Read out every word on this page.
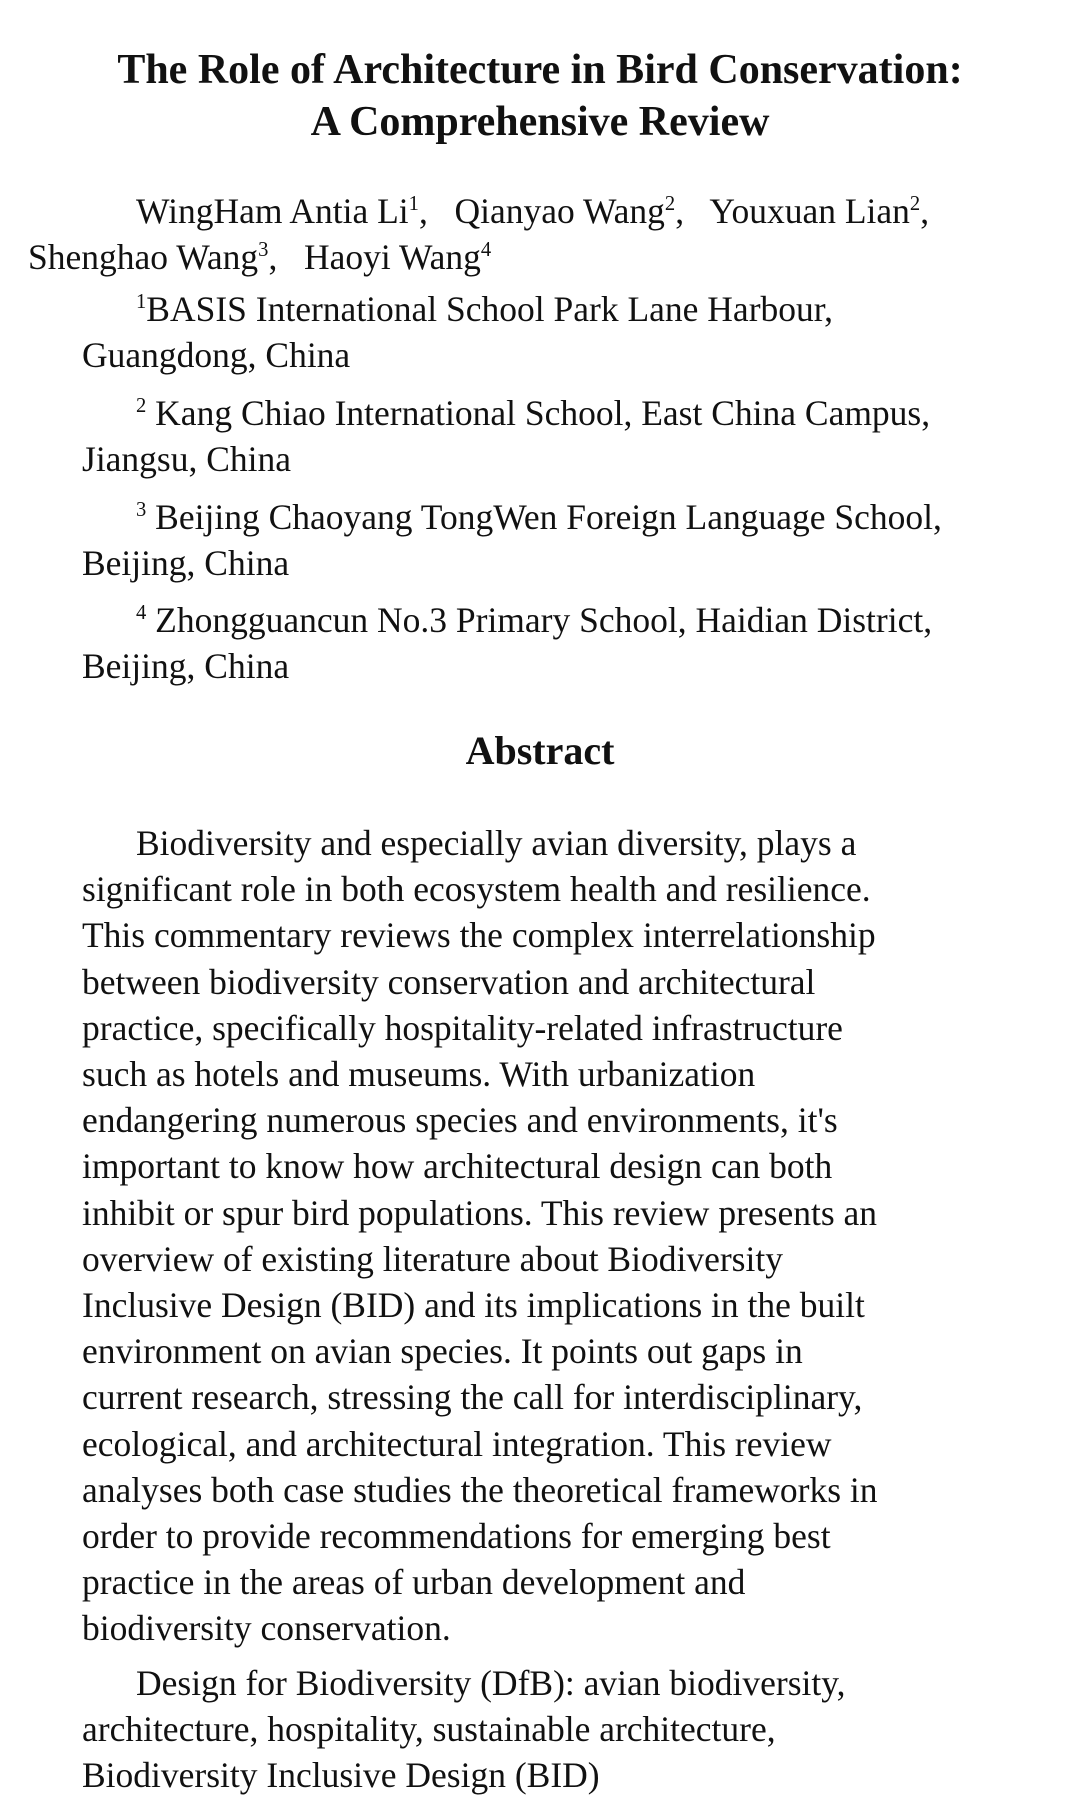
The Role of Architecture in Bird Conservation:
A Comprehensive Review

WingHam Antia Li$^1$,   Qianyao Wang$^2$,   Youxuan Lian$^2$,
Shenghao Wang$^3$,   Haoyi Wang$^4$

$^1$BASIS International School Park Lane Harbour, Guangdong, China

$^2$ Kang Chiao International School, East China Campus, Jiangsu, China

$^3$ Beijing Chaoyang TongWen Foreign Language School, Beijing, China

$^4$ Zhongguancun No.3 Primary School, Haidian District, Beijing, China

Abstract

Biodiversity and especially avian diversity, plays a
significant role in both ecosystem health and resilience.
This commentary reviews the complex interrelationship
between biodiversity conservation and architectural
practice, specifically hospitality-related infrastructure
such as hotels and museums. With urbanization
endangering numerous species and environments, it's
important to know how architectural design can both
inhibit or spur bird populations. This review presents an
overview of existing literature about Biodiversity
Inclusive Design (BID) and its implications in the built
environment on avian species. It points out gaps in
current research, stressing the call for interdisciplinary,
ecological, and architectural integration. This review
analyses both case studies the theoretical frameworks in
order to provide recommendations for emerging best
practice in the areas of urban development and
biodiversity conservation.

Design for Biodiversity (DfB): avian biodiversity,
architecture, hospitality, sustainable architecture,
Biodiversity Inclusive Design (BID)
